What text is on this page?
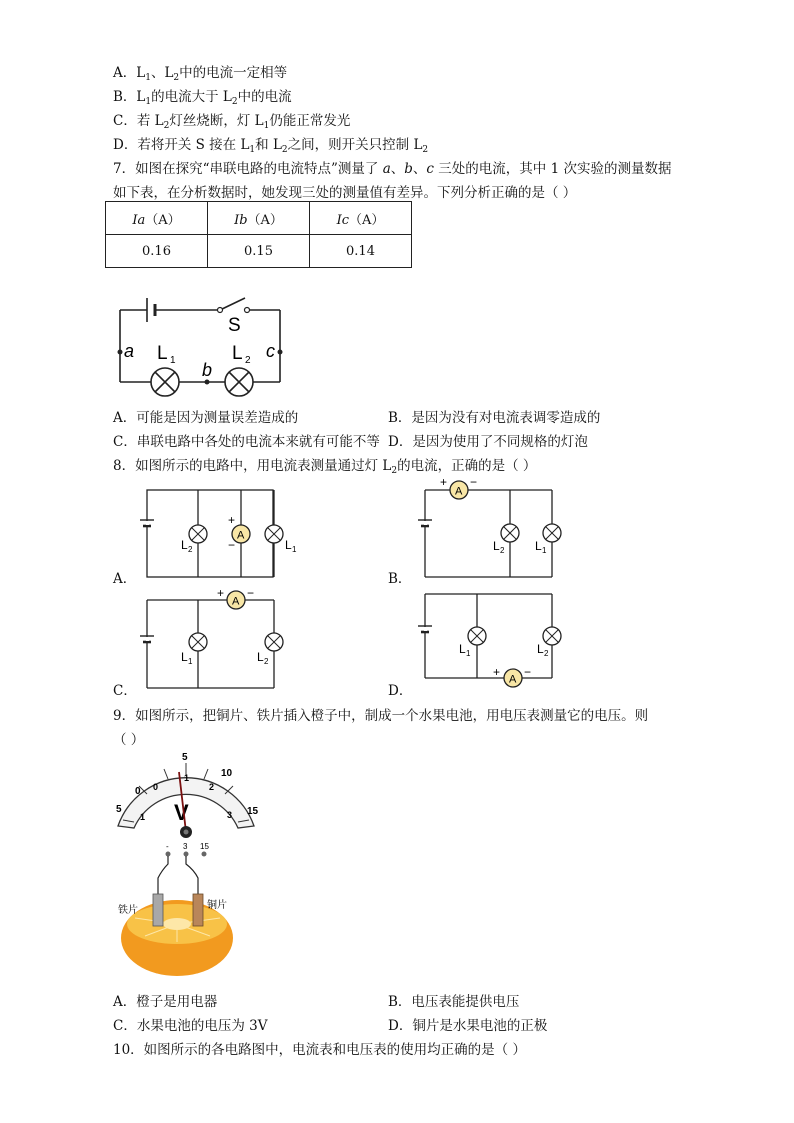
A．$L_1$、$L_2$中的电流一定相等
B．$L_1$的电流大于 $L_2$中的电流
C．若 $L_2$灯丝烧断，灯 $L_1$仍能正常发光
D．若将开关 S 接在 $L_1$和 $L_2$之间，则开关只控制 $L_2$
7．如图在探究“串联电路的电流特点”测量了 a、b、c 三处的电流，其中 1 次实验的测量数据
如下表，在分析数据时，她发现三处的测量值有差异。下列分析正确的是（ ）
Ia（A）	Ib（A）	Ic（A）
0.16	0.15	0.14
S
a
b
c
L 1	L 2
A．可能是因为测量误差造成的	B．是因为没有对电流表调零造成的
C．串联电路中各处的电流本来就有可能不等 D．是因为使用了不同规格的灯泡
8．如图所示的电路中，用电流表测量通过灯 $L_2$的电流，正确的是（ ）
A
+
−
L 2	L 1
A．
A
+ −
L 2	L 1
B．
A
+ −
L 1	L 2
C．
A
+ −
L 1	L 2
D．
9．如图所示，把铜片、铁片插入橙子中，制成一个水果电池，用电压表测量它的电压。则
（ ）
0
5
10
15
0
1
2
3
5
1 V
- 3 15
铁片	铜片
A．橙子是用电器	B．电压表能提供电压
C．水果电池的电压为 3V	D．铜片是水果电池的正极
10．如图所示的各电路图中，电流表和电压表的使用均正确的是（ ）
